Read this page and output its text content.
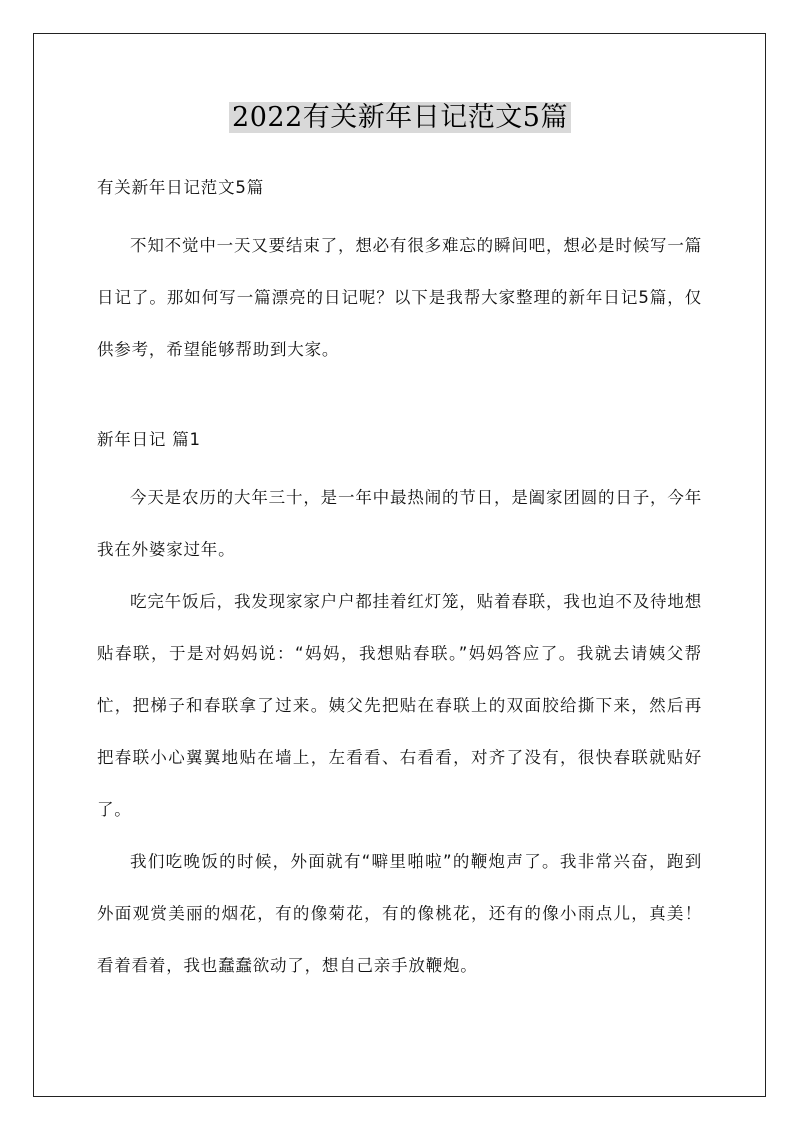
2022有关新年日记范文5篇

有关新年日记范文5篇

不知不觉中一天又要结束了，想必有很多难忘的瞬间吧，想必是时候写一篇日记了。那如何写一篇漂亮的日记呢？以下是我帮大家整理的新年日记5篇，仅供参考，希望能够帮助到大家。

新年日记 篇1

今天是农历的大年三十，是一年中最热闹的节日，是阖家团圆的日子，今年我在外婆家过年。

吃完午饭后，我发现家家户户都挂着红灯笼，贴着春联，我也迫不及待地想贴春联，于是对妈妈说：“妈妈，我想贴春联。”妈妈答应了。我就去请姨父帮忙，把梯子和春联拿了过来。姨父先把贴在春联上的双面胶给撕下来，然后再把春联小心翼翼地贴在墙上，左看看、右看看，对齐了没有，很快春联就贴好了。

我们吃晚饭的时候，外面就有“噼里啪啦”的鞭炮声了。我非常兴奋，跑到外面观赏美丽的烟花，有的像菊花，有的像桃花，还有的像小雨点儿，真美！看着看着，我也蠢蠢欲动了，想自己亲手放鞭炮。
